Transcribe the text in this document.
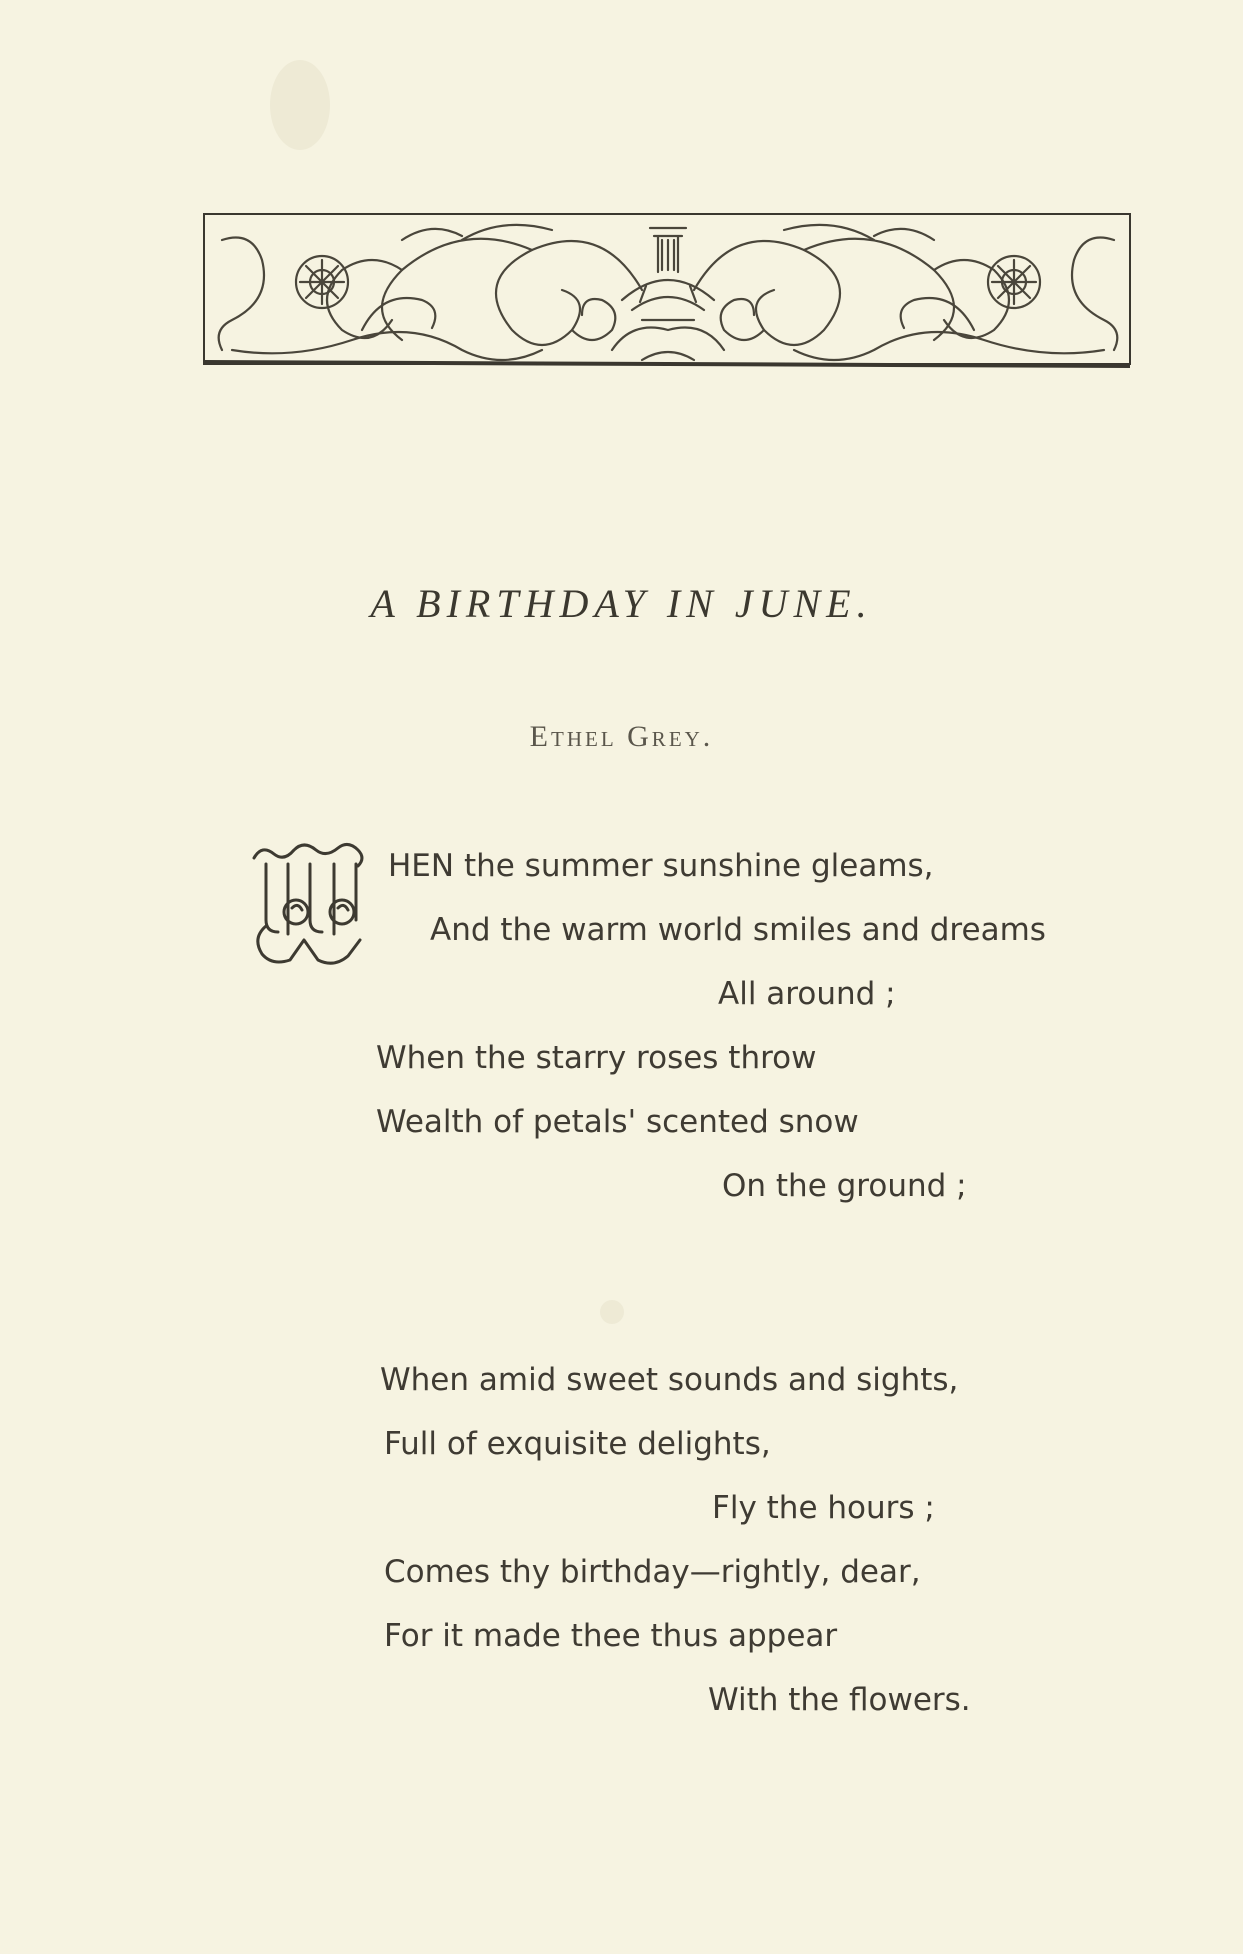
A BIRTHDAY IN JUNE.
Ethel Grey.
HEN the summer sunshine gleams,
And the warm world smiles and dreams
All around ;
When the starry roses throw
Wealth of petals' scented snow
On the ground ;
When amid sweet sounds and sights,
Full of exquisite delights,
Fly the hours ;
Comes thy birthday—rightly, dear,
For it made thee thus appear
With the flowers.
